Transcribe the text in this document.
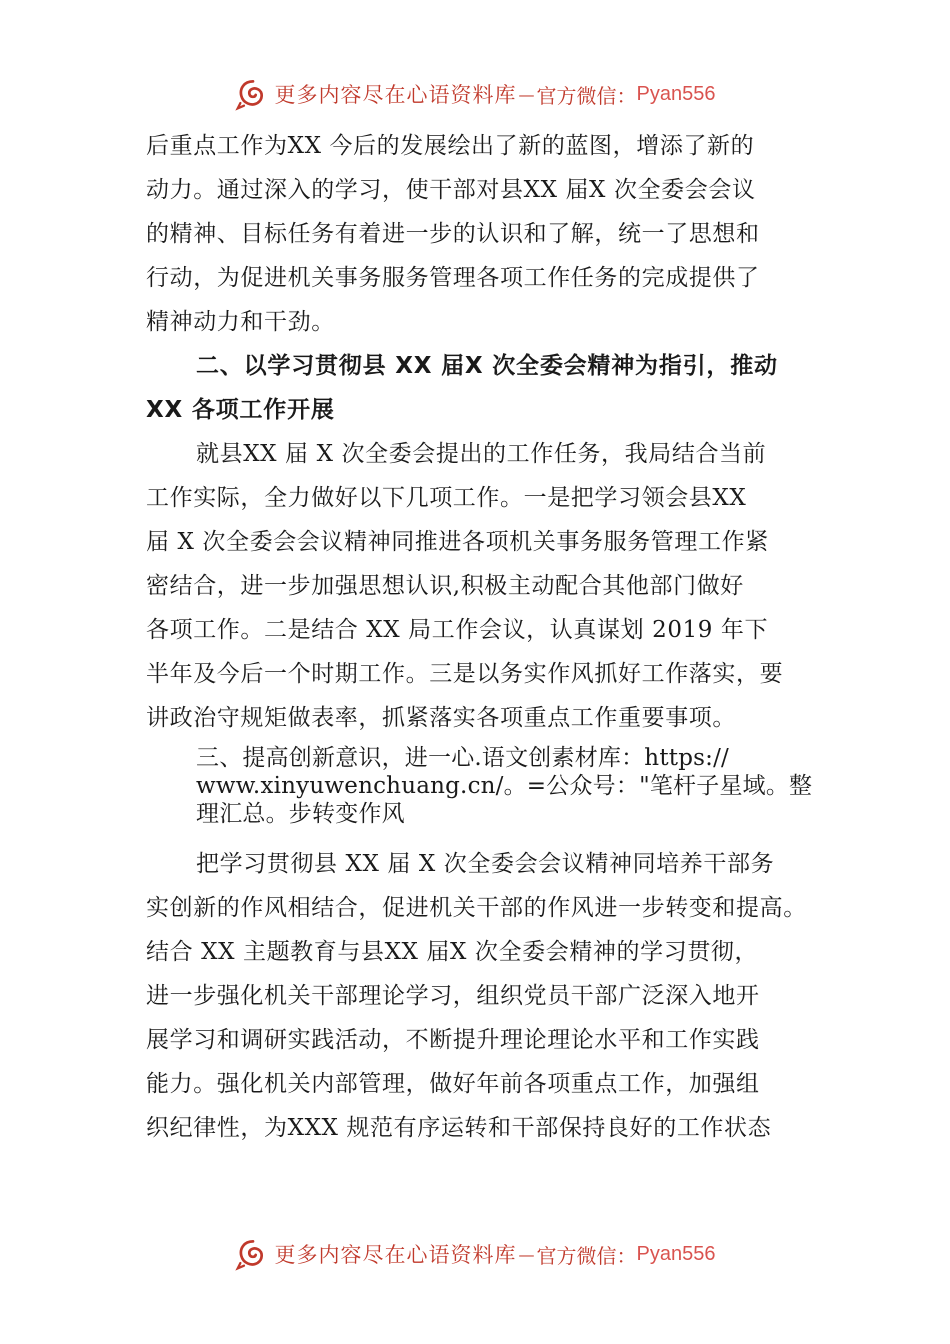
更多内容尽在心语资料库 — 官方微信： Pyan556
后重点工作为XX 今后的发展绘出了新的蓝图，增添了新的
动力。通过深入的学习，使干部对县XX 届X 次全委会会议
的精神、目标任务有着进一步的认识和了解，统一了思想和
行动，为促进机关事务服务管理各项工作任务的完成提供了
精神动力和干劲。
二、以学习贯彻县 XX 届X 次全委会精神为指引，推动
XX 各项工作开展
就县XX 届 X 次全委会提出的工作任务，我局结合当前
工作实际，全力做好以下几项工作。一是把学习领会县XX
届 X 次全委会会议精神同推进各项机关事务服务管理工作紧
密结合，进一步加强思想认识,积极主动配合其他部门做好
各项工作。二是结合 XX 局工作会议，认真谋划 2019 年下
半年及今后一个时期工作。三是以务实作风抓好工作落实，要
讲政治守规矩做表率，抓紧落实各项重点工作重要事项。
三、提高创新意识，进一心.语文创素材库：https://
www.xinyuwenchuang.cn/。=公众号："笔杆子星域。整
理汇总。步转变作风
把学习贯彻县 XX 届 X 次全委会会议精神同培养干部务
实创新的作风相结合，促进机关干部的作风进一步转变和提高。
结合 XX 主题教育与县XX 届X 次全委会精神的学习贯彻，
进一步强化机关干部理论学习，组织党员干部广泛深入地开
展学习和调研实践活动，不断提升理论理论水平和工作实践
能力。强化机关内部管理，做好年前各项重点工作，加强组
织纪律性，为XXX 规范有序运转和干部保持良好的工作状态
更多内容尽在心语资料库 — 官方微信： Pyan556
